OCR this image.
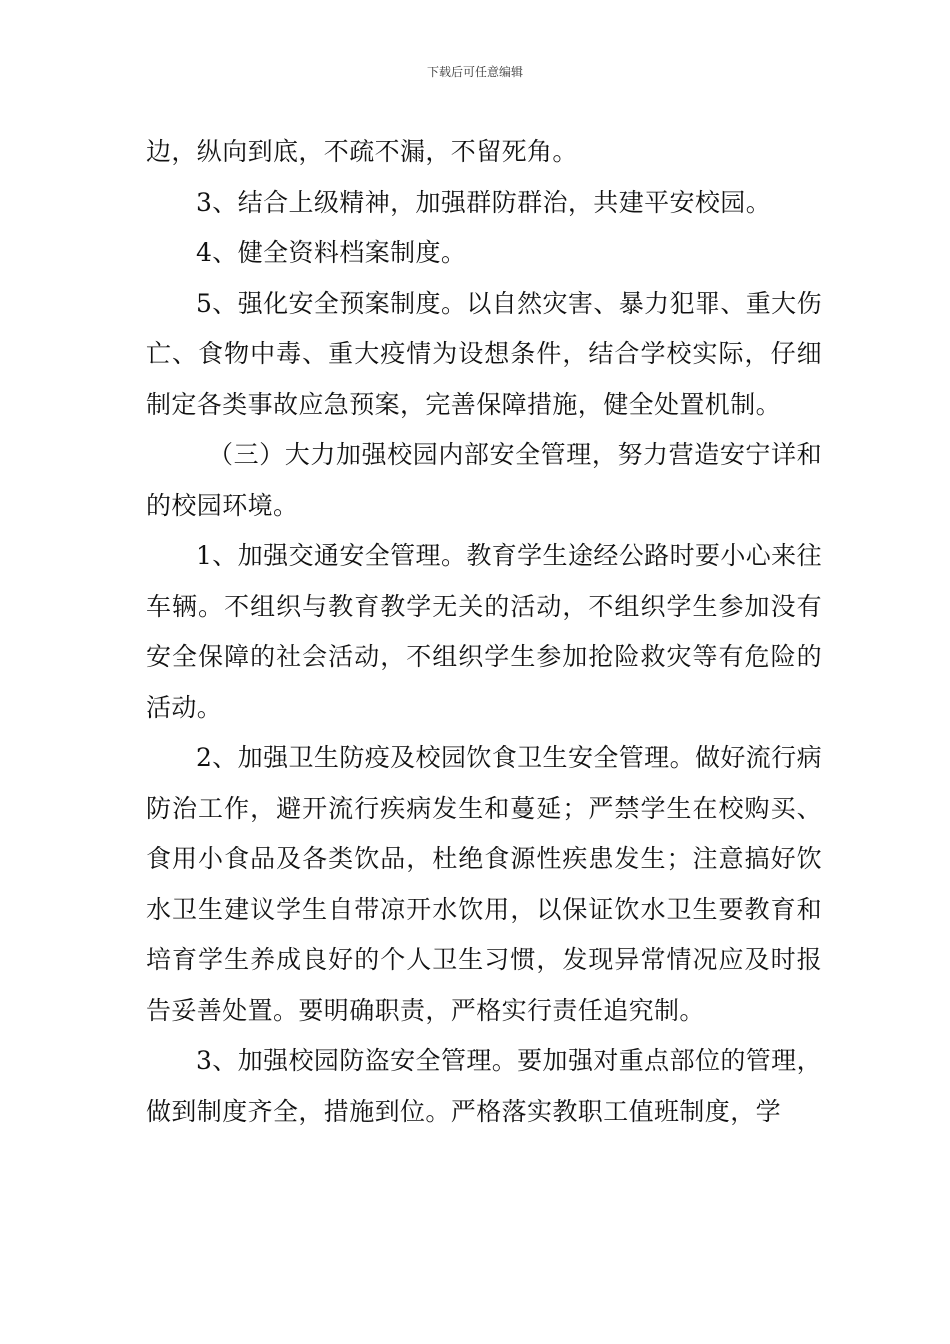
下载后可任意编辑

边，纵向到底，不疏不漏，不留死角。

3、结合上级精神，加强群防群治，共建平安校园。

4、健全资料档案制度。

5、强化安全预案制度。以自然灾害、暴力犯罪、重大伤亡、食物中毒、重大疫情为设想条件，结合学校实际，仔细制定各类事故应急预案，完善保障措施，健全处置机制。

（三）大力加强校园内部安全管理，努力营造安宁详和的校园环境。

1、加强交通安全管理。教育学生途经公路时要小心来往车辆。不组织与教育教学无关的活动，不组织学生参加没有安全保障的社会活动，不组织学生参加抢险救灾等有危险的活动。

2、加强卫生防疫及校园饮食卫生安全管理。做好流行病防治工作，避开流行疾病发生和蔓延；严禁学生在校购买、食用小食品及各类饮品，杜绝食源性疾患发生；注意搞好饮水卫生建议学生自带凉开水饮用，以保证饮水卫生要教育和培育学生养成良好的个人卫生习惯，发现异常情况应及时报告妥善处置。要明确职责，严格实行责任追究制。

3、加强校园防盗安全管理。要加强对重点部位的管理，做到制度齐全，措施到位。严格落实教职工值班制度，学
